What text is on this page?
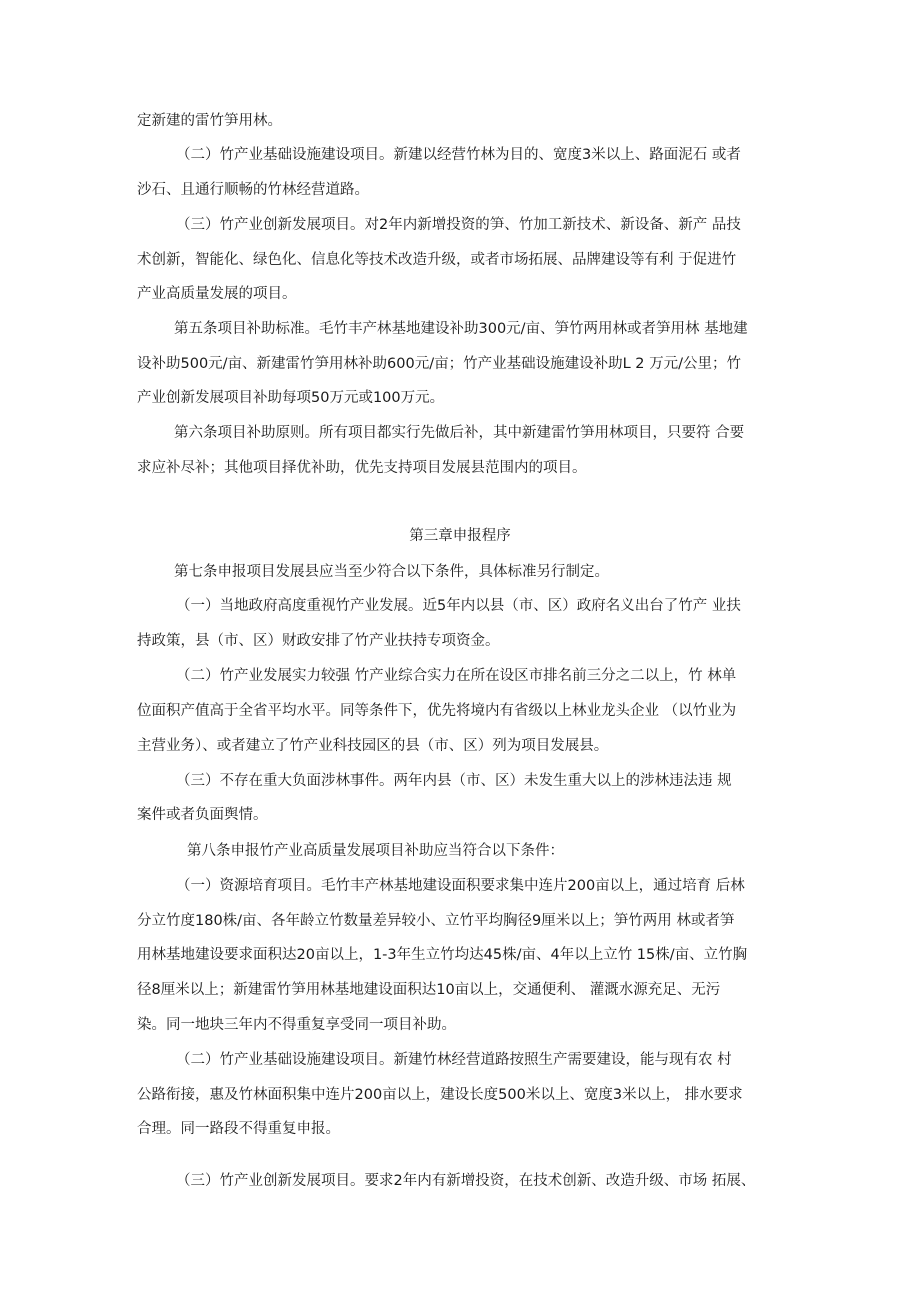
定新建的雷竹笋用林。
（二）竹产业基础设施建设项目。新建以经营竹林为目的、宽度3米以上、路面泥石 或者
沙石、且通行顺畅的竹林经营道路。
（三）竹产业创新发展项目。对2年内新增投资的笋、竹加工新技术、新设备、新产 品技
术创新，智能化、绿色化、信息化等技术改造升级，或者市场拓展、品牌建设等有利 于促进竹
产业高质量发展的项目。
第五条项目补助标准。毛竹丰产林基地建设补助300元/亩、笋竹两用林或者笋用林 基地建
设补助500元/亩、新建雷竹笋用林补助600元/亩；竹产业基础设施建设补助L 2 万元/公里；竹
产业创新发展项目补助每项50万元或100万元。
第六条项目补助原则。所有项目都实行先做后补，其中新建雷竹笋用林项目，只要符 合要
求应补尽补；其他项目择优补助，优先支持项目发展县范围内的项目。
第三章申报程序
第七条申报项目发展县应当至少符合以下条件，具体标准另行制定。
（一）当地政府高度重视竹产业发展。近5年内以县（市、区）政府名义出台了竹产 业扶
持政策，县（市、区）财政安排了竹产业扶持专项资金。
（二）竹产业发展实力较强 竹产业综合实力在所在设区市排名前三分之二以上，竹 林单
位面积产值高于全省平均水平。同等条件下，优先将境内有省级以上林业龙头企业 （以竹业为
主营业务）、或者建立了竹产业科技园区的县（市、区）列为项目发展县。
（三）不存在重大负面涉林事件。两年内县（市、区）未发生重大以上的涉林违法违 规
案件或者负面舆情。
第八条申报竹产业高质量发展项目补助应当符合以下条件：
（一）资源培育项目。毛竹丰产林基地建设面积要求集中连片200亩以上，通过培育 后林
分立竹度180株/亩、各年龄立竹数量差异较小、立竹平均胸径9厘米以上；笋竹两用 林或者笋
用林基地建设要求面积达20亩以上，1-3年生立竹均达45株/亩、4年以上立竹 15株/亩、立竹胸
径8厘米以上；新建雷竹笋用林基地建设面积达10亩以上，交通便利、 灌溉水源充足、无污
染。同一地块三年内不得重复享受同一项目补助。
（二）竹产业基础设施建设项目。新建竹林经营道路按照生产需要建设，能与现有农 村
公路衔接，惠及竹林面积集中连片200亩以上，建设长度500米以上、宽度3米以上， 排水要求
合理。同一路段不得重复申报。
（三）竹产业创新发展项目。要求2年内有新增投资，在技术创新、改造升级、市场 拓展、
